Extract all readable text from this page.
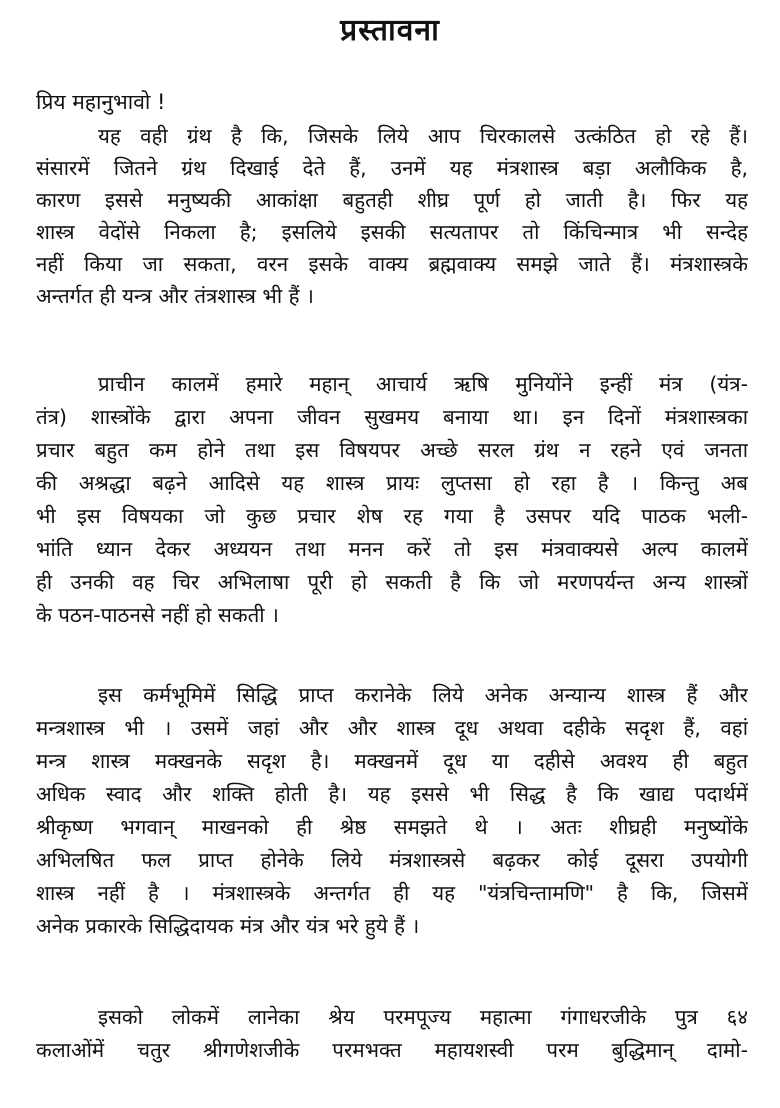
प्रस्तावना
प्रिय महानुभावो !
यह वही ग्रंथ है कि, जिसके लिये आप चिरकालसे उत्कंठित हो रहे हैं।
संसारमें जितने ग्रंथ दिखाई देते हैं, उनमें यह मंत्रशास्त्र बड़ा अलौकिक है,
कारण इससे मनुष्यकी आकांक्षा बहुतही शीघ्र पूर्ण हो जाती है। फिर यह
शास्त्र वेदोंसे निकला है; इसलिये इसकी सत्यतापर तो किंचिन्मात्र भी सन्देह
नहीं किया जा सकता, वरन इसके वाक्य ब्रह्मवाक्य समझे जाते हैं। मंत्रशास्त्रके
अन्तर्गत ही यन्त्र और तंत्रशास्त्र भी हैं ।
प्राचीन कालमें हमारे महान् आचार्य ऋषि मुनियोंने इन्हीं मंत्र (यंत्र-
तंत्र) शास्त्रोंके द्वारा अपना जीवन सुखमय बनाया था। इन दिनों मंत्रशास्त्रका
प्रचार बहुत कम होने तथा इस विषयपर अच्छे सरल ग्रंथ न रहने एवं जनता
की अश्रद्धा बढ़ने आदिसे यह शास्त्र प्रायः लुप्तसा हो रहा है । किन्तु अब
भी इस विषयका जो कुछ प्रचार शेष रह गया है उसपर यदि पाठक भली-
भांति ध्यान देकर अध्ययन तथा मनन करें तो इस मंत्रवाक्यसे अल्प कालमें
ही उनकी वह चिर अभिलाषा पूरी हो सकती है कि जो मरणपर्यन्त अन्य शास्त्रों
के पठन-पाठनसे नहीं हो सकती ।
इस कर्मभूमिमें सिद्धि प्राप्त करानेके लिये अनेक अन्यान्य शास्त्र हैं और
मन्त्रशास्त्र भी । उसमें जहां और और शास्त्र दूध अथवा दहीके सदृश हैं, वहां
मन्त्र शास्त्र मक्खनके सदृश है। मक्खनमें दूध या दहीसे अवश्य ही बहुत
अधिक स्वाद और शक्ति होती है। यह इससे भी सिद्ध है कि खाद्य पदार्थमें
श्रीकृष्ण भगवान् माखनको ही श्रेष्ठ समझते थे । अतः शीघ्रही मनुष्योंके
अभिलषित फल प्राप्त होनेके लिये मंत्रशास्त्रसे बढ़कर कोई दूसरा उपयोगी
शास्त्र नहीं है । मंत्रशास्त्रके अन्तर्गत ही यह "यंत्रचिन्तामणि" है कि, जिसमें
अनेक प्रकारके सिद्धिदायक मंत्र और यंत्र भरे हुये हैं ।
इसको लोकमें लानेका श्रेय परमपूज्य महात्मा गंगाधरजीके पुत्र ६४
कलाओंमें चतुर श्रीगणेशजीके परमभक्त महायशस्वी परम बुद्धिमान् दामो-
